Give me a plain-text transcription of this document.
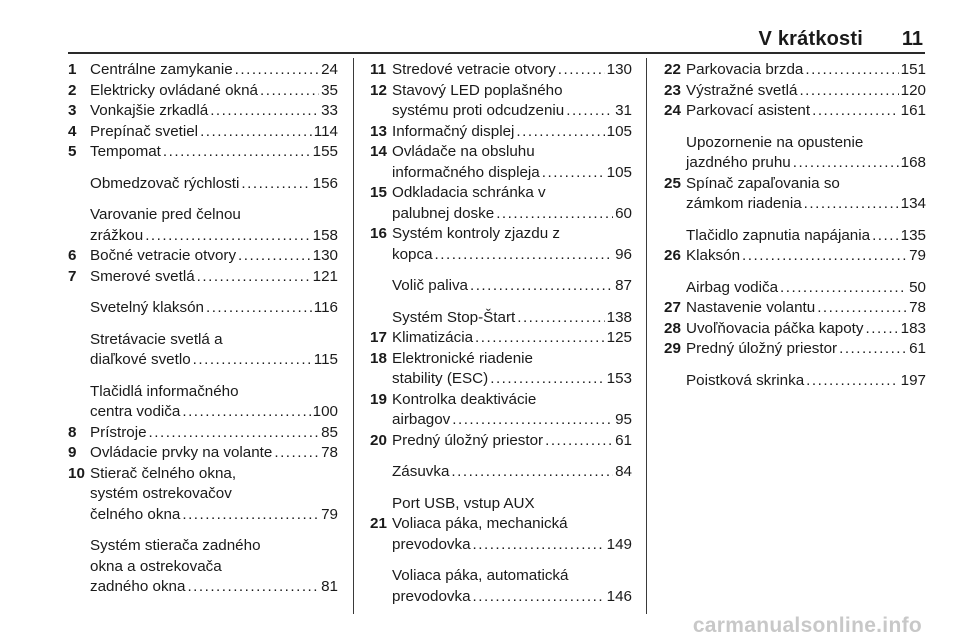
V krátkosti 11
1 Centrálne zamykanie .....	24
2 Elektricky ovládané okná .....	35
3 Vonkajšie zrkadlá .....	33
4 Prepínač svetiel .....	114
5 Tempomat .....	155
Obmedzovač rýchlosti .....	156
Varovanie pred čelnou
zrážkou .....	158
6 Bočné vetracie otvory .....	130
7 Smerové svetlá .....	121
Svetelný klaksón .....	116
Stretávacie svetlá a
diaľkové svetlo .....	115
Tlačidlá informačného
centra vodiča .....	100
8 Prístroje .....	85
9 Ovládacie prvky na volante .....	78
10 Stierač čelného okna,
systém ostrekovačov
čelného okna .....	79
Systém stierača zadného
okna a ostrekovača
zadného okna .....	81
11 Stredové vetracie otvory .....	130
12 Stavový LED poplašného
systému proti odcudzeniu .....	31
13 Informačný displej .....	105
14 Ovládače na obsluhu
informačného displeja .....	105
15 Odkladacia schránka v
palubnej doske .....	60
16 Systém kontroly zjazdu z
kopca .....	96
Volič paliva .....	87
Systém Stop-Štart .....	138
17 Klimatizácia .....	125
18 Elektronické riadenie
stability (ESC) .....	153
19 Kontrolka deaktivácie
airbagov .....	95
20 Predný úložný priestor .....	61
Zásuvka .....	84
Port USB, vstup AUX
21 Voliaca páka, mechanická
prevodovka .....	149
Voliaca páka, automatická
prevodovka .....	146
22 Parkovacia brzda .....	151
23 Výstražné svetlá .....	120
24 Parkovací asistent .....	161
Upozornenie na opustenie
jazdného pruhu .....	168
25 Spínač zapaľovania so
zámkom riadenia .....	134
Tlačidlo zapnutia napájania ..... 135
26 Klaksón .....	79
Airbag vodiča .....	50
27 Nastavenie volantu .....	78
28 Uvoľňovacia páčka kapoty ..... 183
29 Predný úložný priestor .....	61
Poistková skrinka .....	197
carmanualsonline.info
